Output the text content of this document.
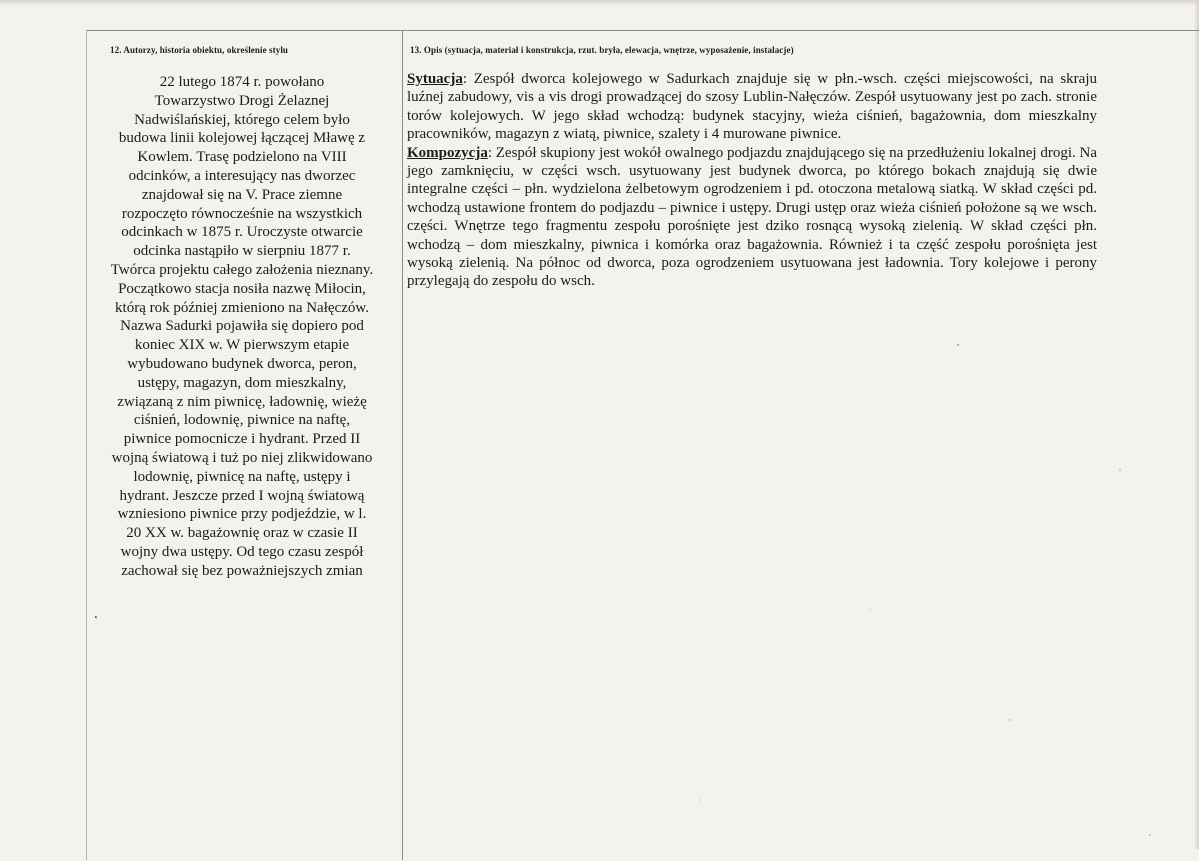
12. Autorzy, historia obiektu, określenie stylu	13. Opis (sytuacja, materiał i konstrukcja, rzut. bryła, elewacja, wnętrze, wyposażenie, instalacje)
22 lutego 1874 r. powołano
Towarzystwo Drogi Żelaznej
Nadwiślańskiej, którego celem było
budowa linii kolejowej łączącej Mławę z
Kowlem. Trasę podzielono na VIII
odcinków, a interesujący nas dworzec
znajdował się na V. Prace ziemne
rozpoczęto równocześnie na wszystkich
odcinkach w 1875 r. Uroczyste otwarcie
odcinka nastąpiło w sierpniu 1877 r.
Twórca projektu całego założenia nieznany.
Początkowo stacja nosiła nazwę Miłocin,
którą rok później zmieniono na Nałęczów.
Nazwa Sadurki pojawiła się dopiero pod
koniec XIX w. W pierwszym etapie
wybudowano budynek dworca, peron,
ustępy, magazyn, dom mieszkalny,
związaną z nim piwnicę, ładownię, wieżę
ciśnień, lodownię, piwnice na naftę,
piwnice pomocnicze i hydrant. Przed II
wojną światową i tuż po niej zlikwidowano
lodownię, piwnicę na naftę, ustępy i
hydrant. Jeszcze przed I wojną światową
wzniesiono piwnice przy podjeździe, w l.
20 XX w. bagażownię oraz w czasie II
wojny dwa ustępy. Od tego czasu zespół
zachował się bez poważniejszych zmian
.

Sytuacja: Zespół dworca kolejowego w Sadurkach znajduje się w płn.-wsch. części miejscowości, na skraju luźnej zabudowy, vis a vis drogi prowadzącej do szosy Lublin-Nałęczów. Zespół usytuowany jest po zach. stronie torów kolejowych. W jego skład wchodzą: budynek stacyjny, wieża ciśnień, bagażownia, dom mieszkalny pracowników, magazyn z wiatą, piwnice, szalety i 4 murowane piwnice.

Kompozycja: Zespół skupiony jest wokół owalnego podjazdu znajdującego się na przedłużeniu lokalnej drogi. Na jego zamknięciu, w części wsch. usytuowany jest budynek dworca, po którego bokach znajdują się dwie integralne części – płn. wydzielona żelbetowym ogrodzeniem i pd. otoczona metalową siatką. W skład części pd. wchodzą ustawione frontem do podjazdu – piwnice i ustępy. Drugi ustęp oraz wieża ciśnień położone są we wsch. części. Wnętrze tego fragmentu zespołu porośnięte jest dziko rosnącą wysoką zielenią. W skład części płn. wchodzą – dom mieszkalny, piwnica i komórka oraz bagażownia. Również i ta część zespołu porośnięta jest wysoką zielenią. Na północ od dworca, poza ogrodzeniem usytuowana jest ładownia. Tory kolejowe i perony przylegają do zespołu do wsch.
